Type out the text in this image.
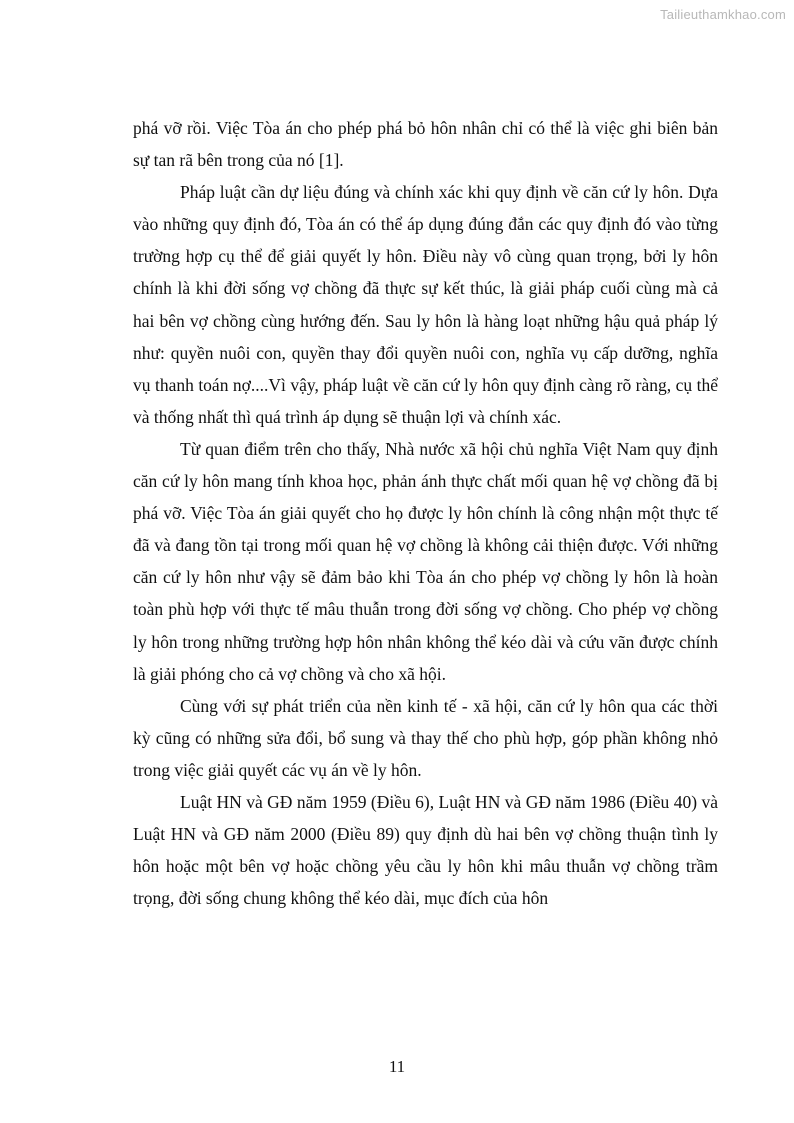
Tailieuthamkhao.com

phá vỡ rồi. Việc Tòa án cho phép phá bỏ hôn nhân chỉ có thể là việc ghi biên bản sự tan rã bên trong của nó [1].

Pháp luật cần dự liệu đúng và chính xác khi quy định về căn cứ ly hôn. Dựa vào những quy định đó, Tòa án có thể áp dụng đúng đắn các quy định đó vào từng trường hợp cụ thể để giải quyết ly hôn. Điều này vô cùng quan trọng, bởi ly hôn chính là khi đời sống vợ chồng đã thực sự kết thúc, là giải pháp cuối cùng mà cả hai bên vợ chồng cùng hướng đến. Sau ly hôn là hàng loạt những hậu quả pháp lý như: quyền nuôi con, quyền thay đổi quyền nuôi con, nghĩa vụ cấp dưỡng, nghĩa vụ thanh toán nợ....Vì vậy, pháp luật về căn cứ ly hôn quy định càng rõ ràng, cụ thể và thống nhất thì quá trình áp dụng sẽ thuận lợi và chính xác.

Từ quan điểm trên cho thấy, Nhà nước xã hội chủ nghĩa Việt Nam quy định căn cứ ly hôn mang tính khoa học, phản ánh thực chất mối quan hệ vợ chồng đã bị phá vỡ. Việc Tòa án giải quyết cho họ được ly hôn chính là công nhận một thực tế đã và đang tồn tại trong mối quan hệ vợ chồng là không cải thiện được. Với những căn cứ ly hôn như vậy sẽ đảm bảo khi Tòa án cho phép vợ chồng ly hôn là hoàn toàn phù hợp với thực tế mâu thuẫn trong đời sống vợ chồng. Cho phép vợ chồng ly hôn trong những trường hợp hôn nhân không thể kéo dài và cứu vãn được chính là giải phóng cho cả vợ chồng và cho xã hội.

Cùng với sự phát triển của nền kinh tế - xã hội, căn cứ ly hôn qua các thời kỳ cũng có những sửa đổi, bổ sung và thay thế cho phù hợp, góp phần không nhỏ trong việc giải quyết các vụ án về ly hôn.

Luật HN và GĐ năm 1959 (Điều 6), Luật HN và GĐ năm 1986 (Điều 40) và Luật HN và GĐ năm 2000 (Điều 89) quy định dù hai bên vợ chồng thuận tình ly hôn hoặc một bên vợ hoặc chồng yêu cầu ly hôn khi mâu thuẫn vợ chồng trầm trọng, đời sống chung không thể kéo dài, mục đích của hôn

11
